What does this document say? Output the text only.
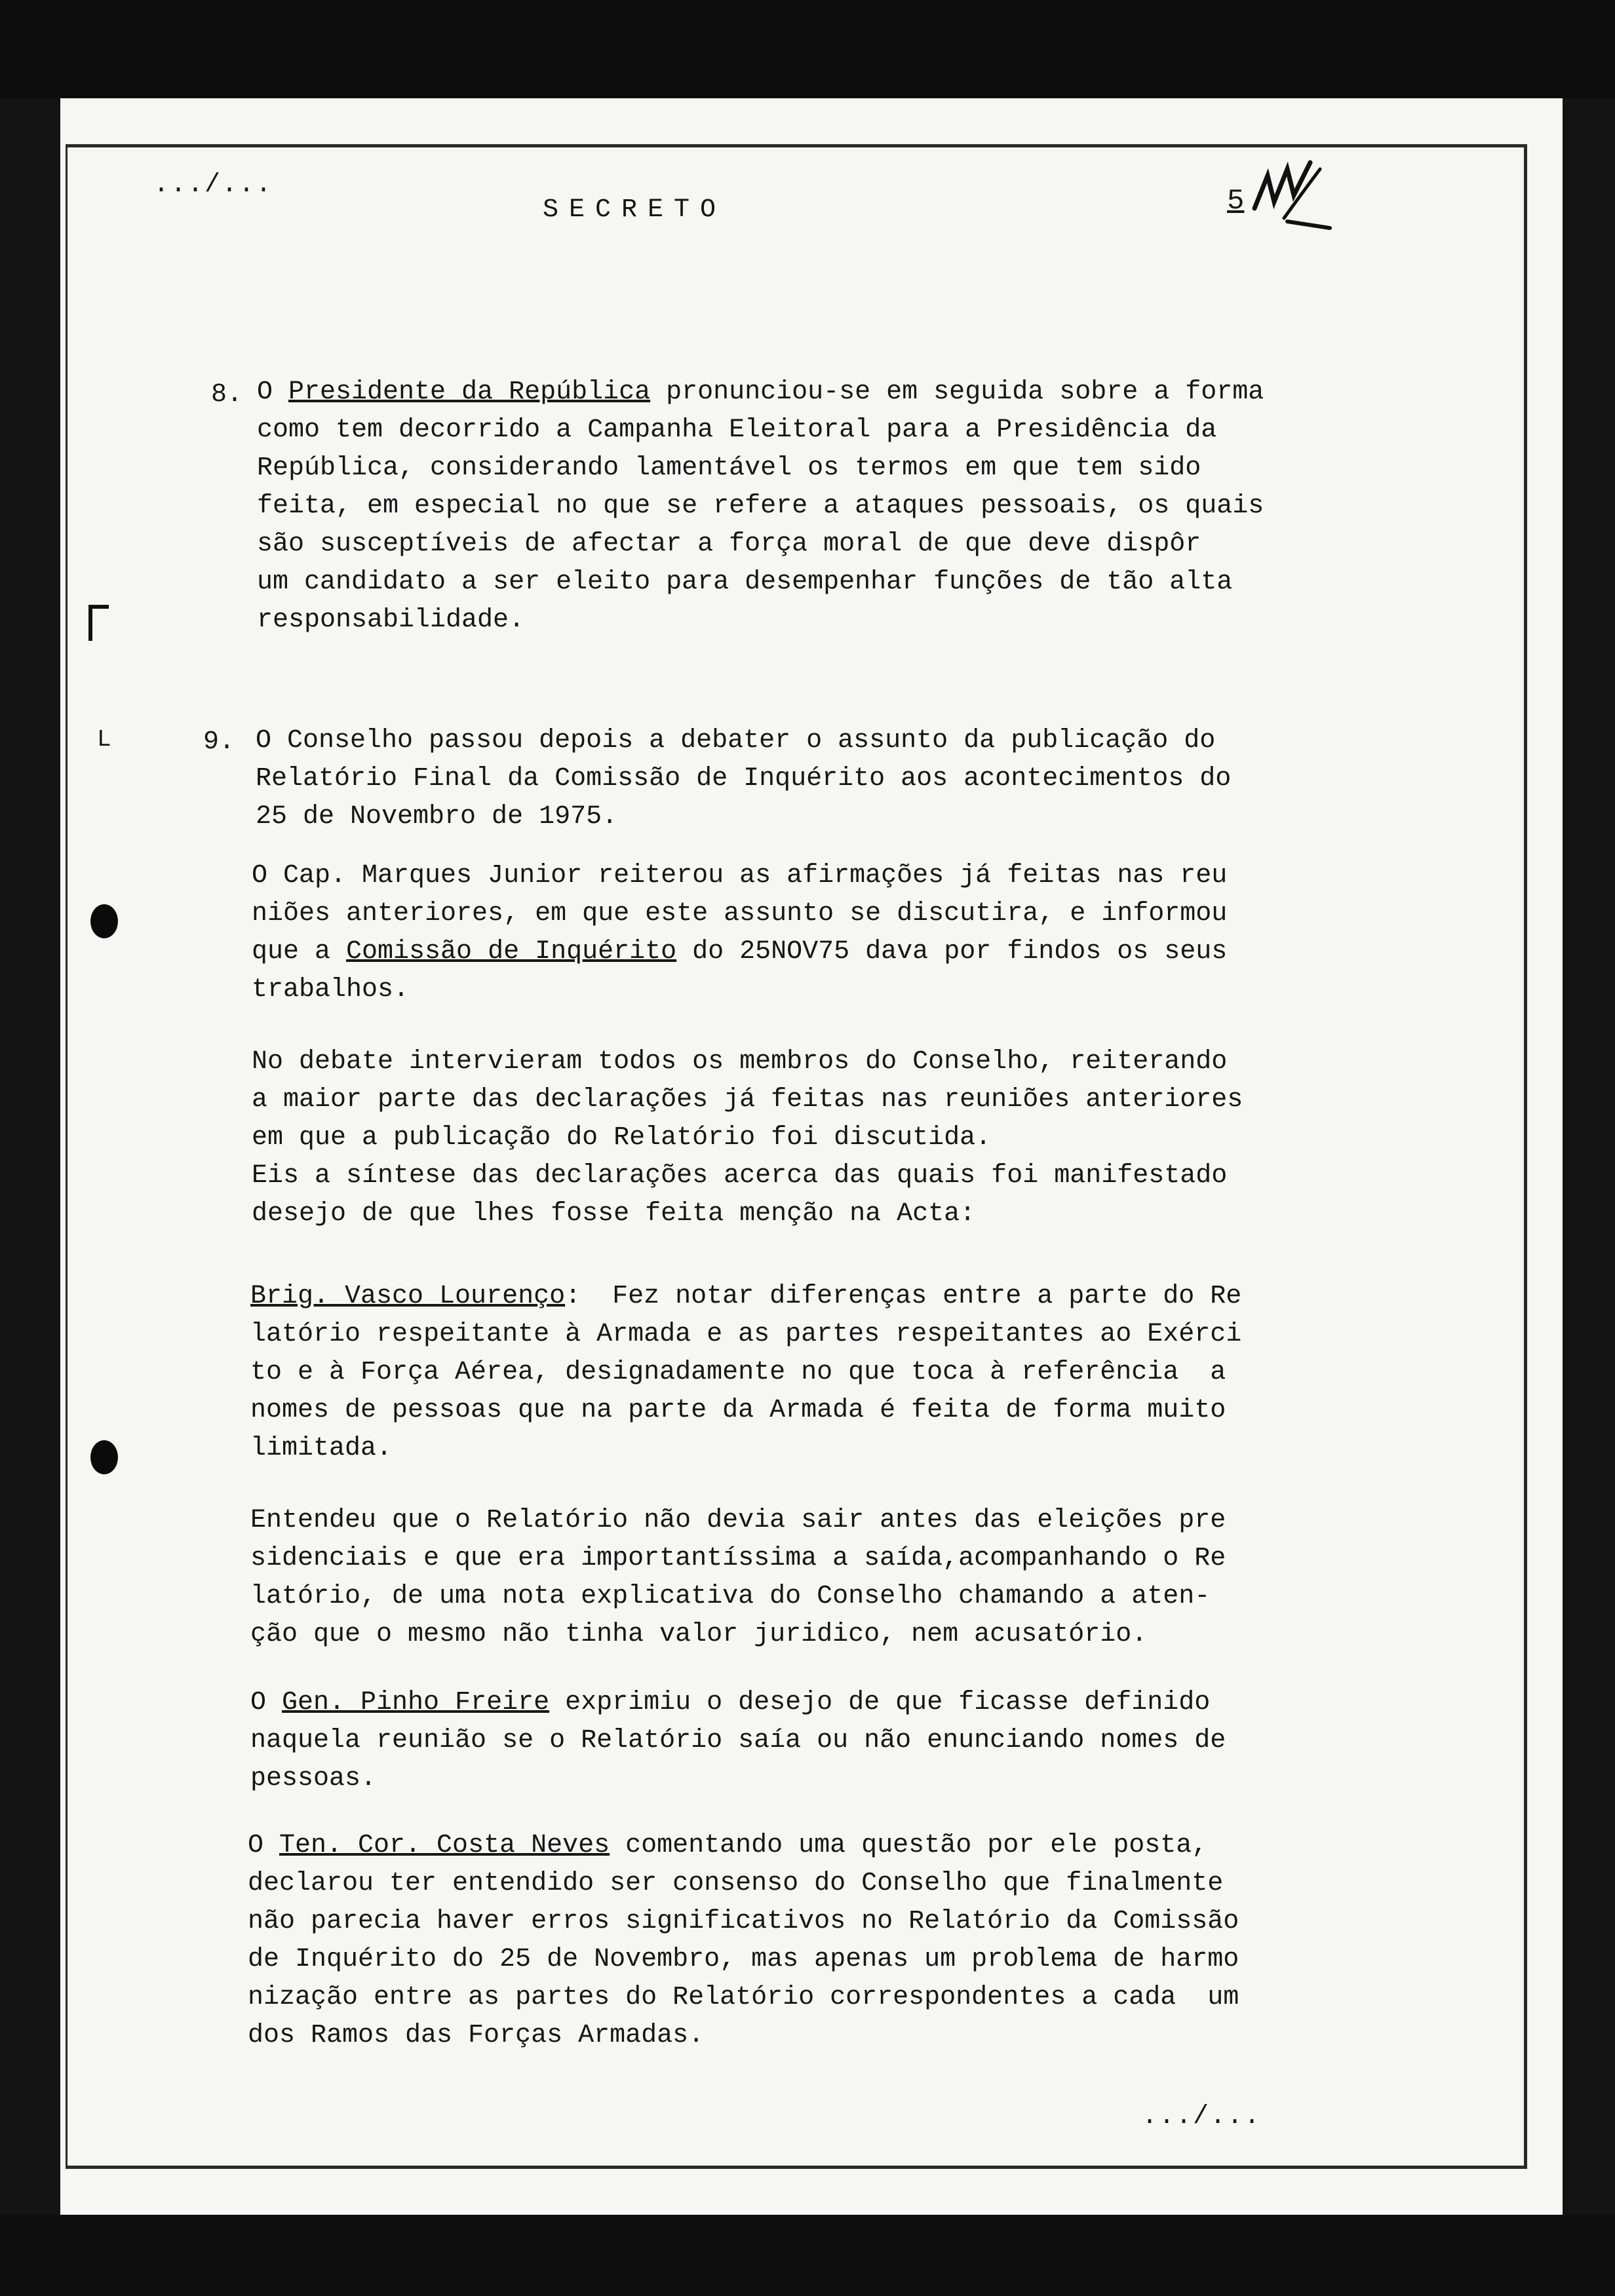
.../...
SECRETO	5
L
8. O Presidente da República pronunciou-se em seguida sobre a forma

como tem decorrido a Campanha Eleitoral para a Presidência da

República, considerando lamentável os termos em que tem sido

feita, em especial no que se refere a ataques pessoais, os quais

são susceptíveis de afectar a força moral de que deve dispôr

um candidato a ser eleito para desempenhar funções de tão alta

responsabilidade.

9. O Conselho passou depois a debater o assunto da publicação do

Relatório Final da Comissão de Inquérito aos acontecimentos do

25 de Novembro de 1975.

O Cap. Marques Junior reiterou as afirmações já feitas nas reu

niões anteriores, em que este assunto se discutira, e informou

que a Comissão de Inquérito do 25NOV75 dava por findos os seus

trabalhos.

No debate intervieram todos os membros do Conselho, reiterando

a maior parte das declarações já feitas nas reuniões anteriores

em que a publicação do Relatório foi discutida.

Eis a síntese das declarações acerca das quais foi manifestado

desejo de que lhes fosse feita menção na Acta:

Brig. Vasco Lourenço:  Fez notar diferenças entre a parte do Re

latório respeitante à Armada e as partes respeitantes ao Exérci

to e à Força Aérea, designadamente no que toca à referência  a

nomes de pessoas que na parte da Armada é feita de forma muito

limitada.

Entendeu que o Relatório não devia sair antes das eleições pre

sidenciais e que era importantíssima a saída,acompanhando o Re

latório, de uma nota explicativa do Conselho chamando a aten-

ção que o mesmo não tinha valor juridico, nem acusatório.

O Gen. Pinho Freire exprimiu o desejo de que ficasse definido

naquela reunião se o Relatório saía ou não enunciando nomes de

pessoas.

O Ten. Cor. Costa Neves comentando uma questão por ele posta,

declarou ter entendido ser consenso do Conselho que finalmente

não parecia haver erros significativos no Relatório da Comissão

de Inquérito do 25 de Novembro, mas apenas um problema de harmo

nização entre as partes do Relatório correspondentes a cada  um

dos Ramos das Forças Armadas.

.../...
